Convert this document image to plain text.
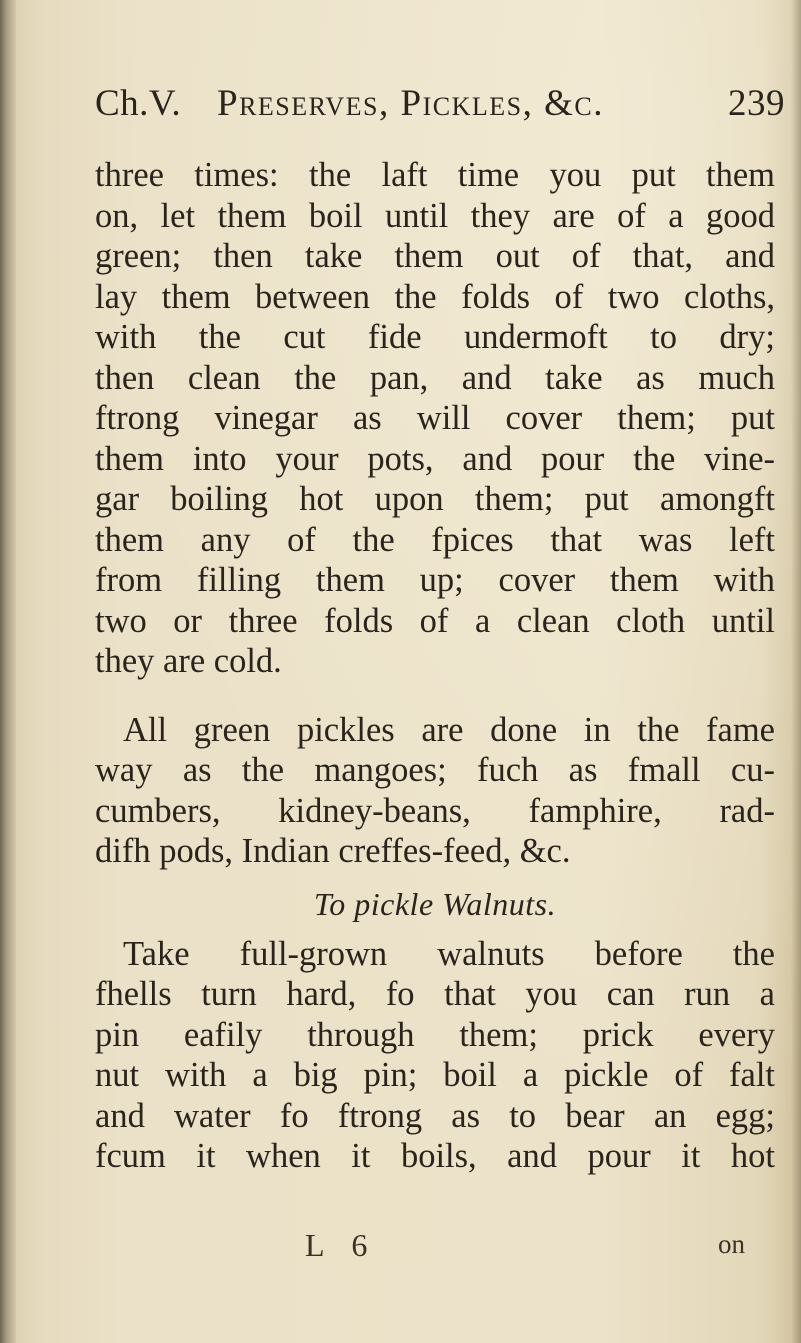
Ch.V. Preserves, Pickles, &c.	239
three times: the laft time you put them
on, let them boil until they are of a good
green; then take them out of that, and
lay them between the folds of two cloths,
with the cut fide undermoft to dry;
then clean the pan, and take as much
ftrong vinegar as will cover them; put
them into your pots, and pour the vine-
gar boiling hot upon them; put amongft
them any of the fpices that was left
from filling them up; cover them with
two or three folds of a clean cloth until
they are cold.
All green pickles are done in the fame
way as the mangoes; fuch as fmall cu-
cumbers, kidney-beans, famphire, rad-
difh pods, Indian creffes-feed, &c.
To pickle Walnuts.
Take full-grown walnuts before the
fhells turn hard, fo that you can run a
pin eafily through them; prick every
nut with a big pin; boil a pickle of falt
and water fo ftrong as to bear an egg;
fcum it when it boils, and pour it hot
L 6	on
